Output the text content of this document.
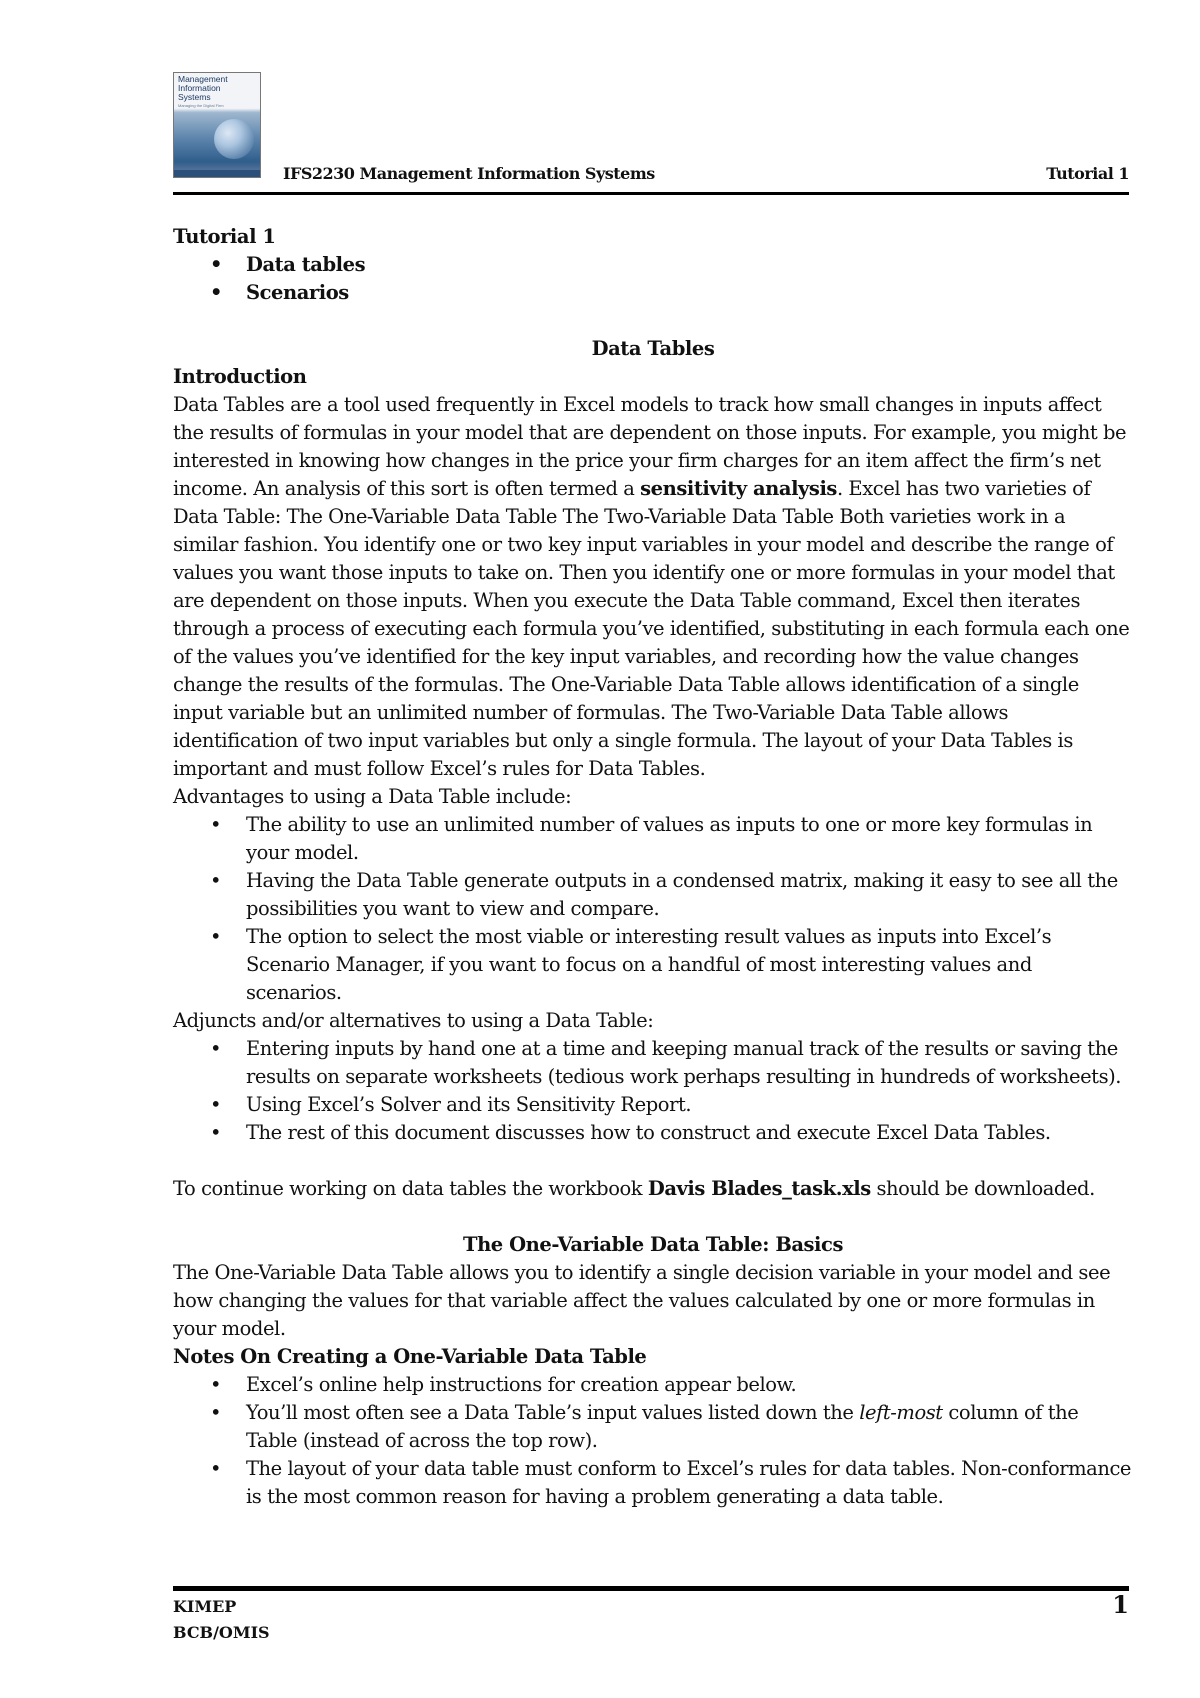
Management
Information
Systems
Managing the Digital Firm
IFS2230 Management Information Systems	Tutorial 1

Tutorial 1

• Data tables
• Scenarios

Data Tables

Introduction

Data Tables are a tool used frequently in Excel models to track how small changes in inputs affect the results of formulas in your model that are dependent on those inputs. For example, you might be interested in knowing how changes in the price your firm charges for an item affect the firm’s net income. An analysis of this sort is often termed a sensitivity analysis. Excel has two varieties of Data Table: The One-Variable Data Table The Two-Variable Data Table Both varieties work in a similar fashion. You identify one or two key input variables in your model and describe the range of values you want those inputs to take on. Then you identify one or more formulas in your model that are dependent on those inputs. When you execute the Data Table command, Excel then iterates through a process of executing each formula you’ve identified, substituting in each formula each one of the values you’ve identified for the key input variables, and recording how the value changes change the results of the formulas. The One-Variable Data Table allows identification of a single input variable but an unlimited number of formulas. The Two-Variable Data Table allows identification of two input variables but only a single formula. The layout of your Data Tables is important and must follow Excel’s rules for Data Tables.

Advantages to using a Data Table include:

• The ability to use an unlimited number of values as inputs to one or more key formulas in your model.
• Having the Data Table generate outputs in a condensed matrix, making it easy to see all the possibilities you want to view and compare.
• The option to select the most viable or interesting result values as inputs into Excel’s Scenario Manager, if you want to focus on a handful of most interesting values and scenarios.

Adjuncts and/or alternatives to using a Data Table:

• Entering inputs by hand one at a time and keeping manual track of the results or saving the results on separate worksheets (tedious work perhaps resulting in hundreds of worksheets).
• Using Excel’s Solver and its Sensitivity Report.
• The rest of this document discusses how to construct and execute Excel Data Tables.

To continue working on data tables the workbook Davis Blades_task.xls should be downloaded.

The One-Variable Data Table: Basics

The One-Variable Data Table allows you to identify a single decision variable in your model and see how changing the values for that variable affect the values calculated by one or more formulas in your model.

Notes On Creating a One-Variable Data Table

• Excel’s online help instructions for creation appear below.
• You’ll most often see a Data Table’s input values listed down the left-most column of the Table (instead of across the top row).
• The layout of your data table must conform to Excel’s rules for data tables. Non-conformance is the most common reason for having a problem generating a data table.
KIMEP
BCB/OMIS
1
